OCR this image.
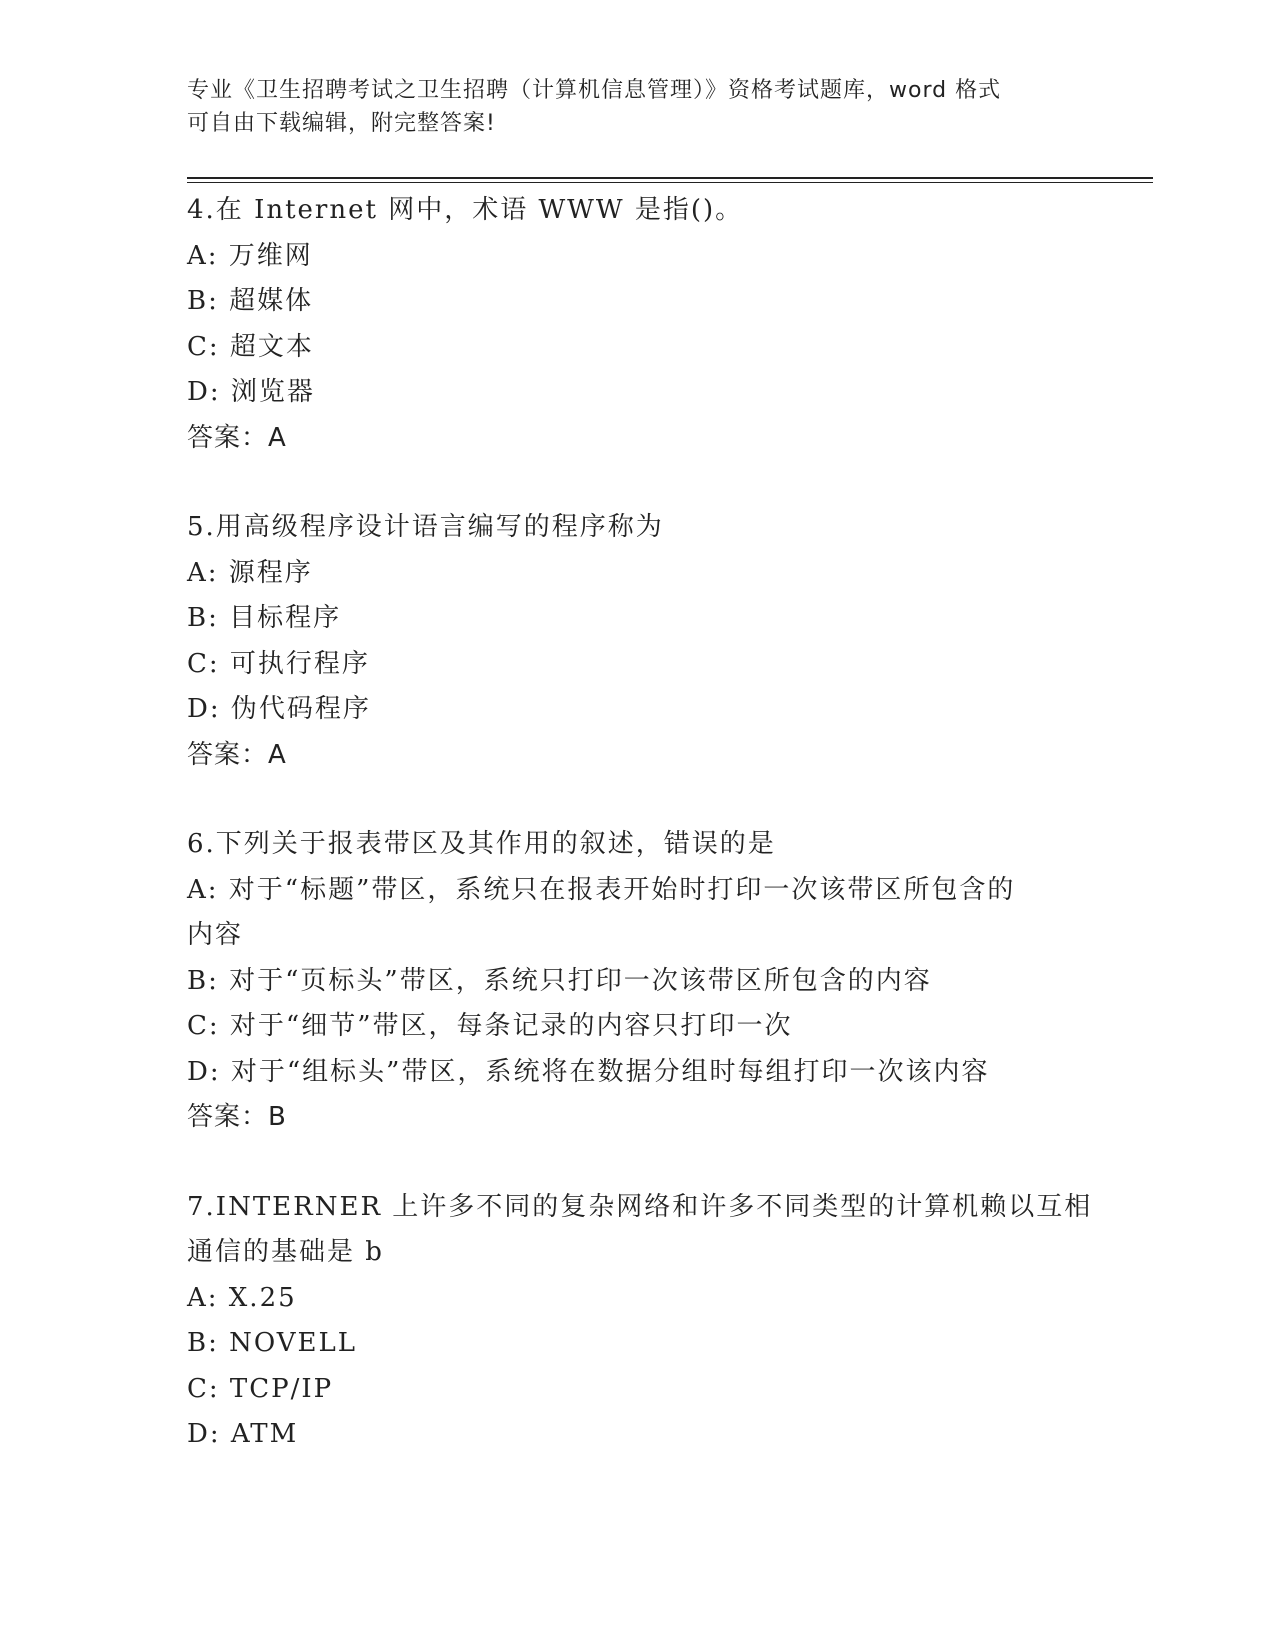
专业《卫生招聘考试之卫生招聘（计算机信息管理）》资格考试题库，word 格式
可自由下载编辑，附完整答案!
4.在 Internet 网中，术语 WWW 是指()。
A: 万维网
B: 超媒体
C: 超文本
D: 浏览器
答案：A
5.用高级程序设计语言编写的程序称为
A: 源程序
B: 目标程序
C: 可执行程序
D: 伪代码程序
答案：A
6.下列关于报表带区及其作用的叙述，错误的是
A: 对于“标题”带区，系统只在报表开始时打印一次该带区所包含的
内容
B: 对于“页标头”带区，系统只打印一次该带区所包含的内容
C: 对于“细节”带区，每条记录的内容只打印一次
D: 对于“组标头”带区，系统将在数据分组时每组打印一次该内容
答案：B
7.INTERNER 上许多不同的复杂网络和许多不同类型的计算机赖以互相
通信的基础是 b
A: X.25
B: NOVELL
C: TCP/IP
D: ATM
